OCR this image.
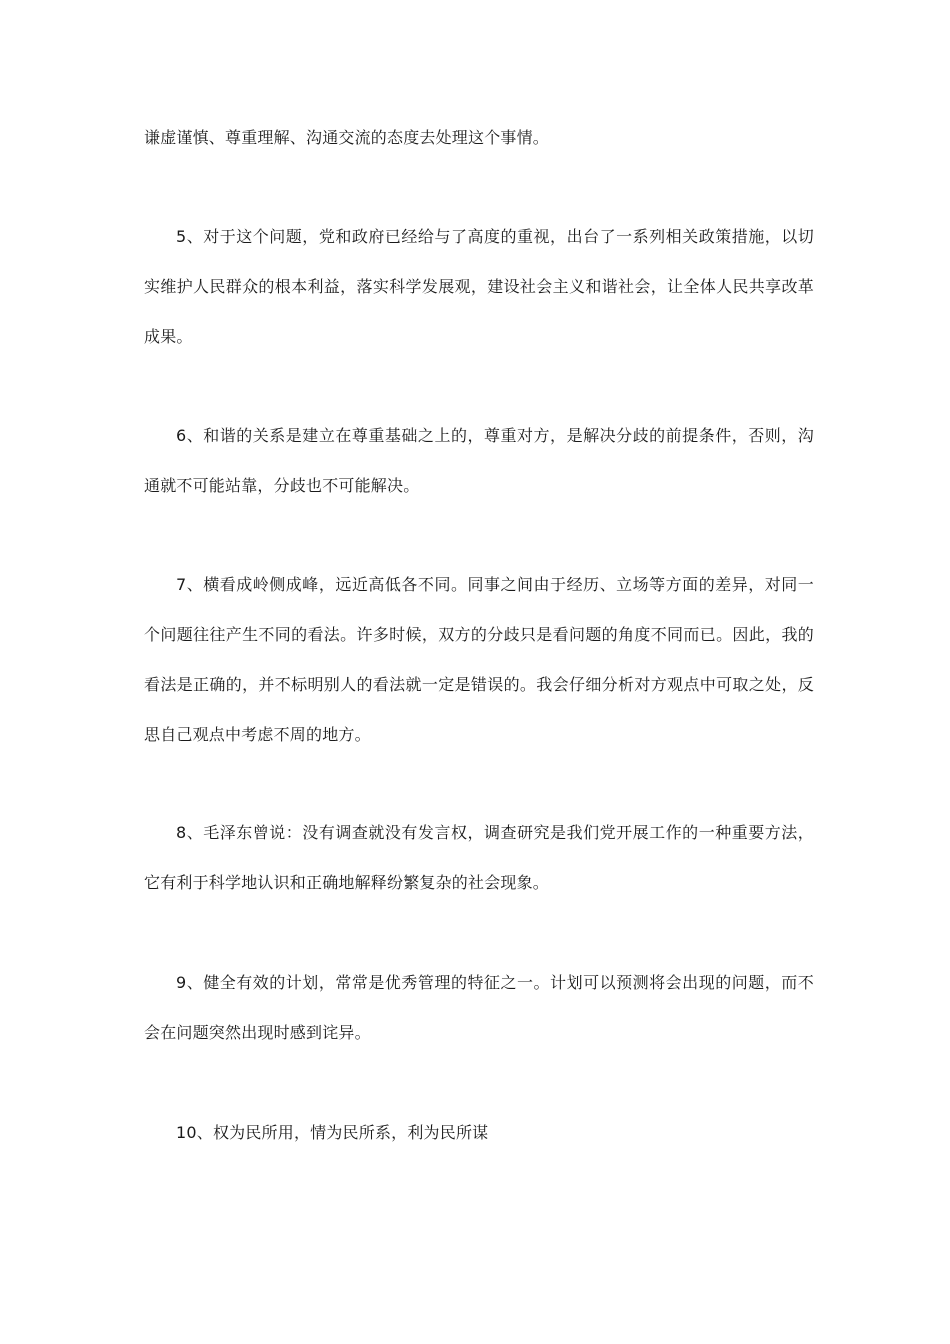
谦虚谨慎、尊重理解、沟通交流的态度去处理这个事情。

5、对于这个问题，党和政府已经给与了高度的重视，出台了一系列相关政策措施，以切实维护人民群众的根本利益，落实科学发展观，建设社会主义和谐社会，让全体人民共享改革成果。

6、和谐的关系是建立在尊重基础之上的，尊重对方，是解决分歧的前提条件，否则，沟通就不可能站靠，分歧也不可能解决。

7、横看成岭侧成峰，远近高低各不同。同事之间由于经历、立场等方面的差异，对同一个问题往往产生不同的看法。许多时候，双方的分歧只是看问题的角度不同而已。因此，我的看法是正确的，并不标明别人的看法就一定是错误的。我会仔细分析对方观点中可取之处，反思自己观点中考虑不周的地方。

8、毛泽东曾说：没有调查就没有发言权，调查研究是我们党开展工作的一种重要方法，它有利于科学地认识和正确地解释纷繁复杂的社会现象。

9、健全有效的计划，常常是优秀管理的特征之一。计划可以预测将会出现的问题，而不会在问题突然出现时感到诧异。

10、权为民所用，情为民所系，利为民所谋
